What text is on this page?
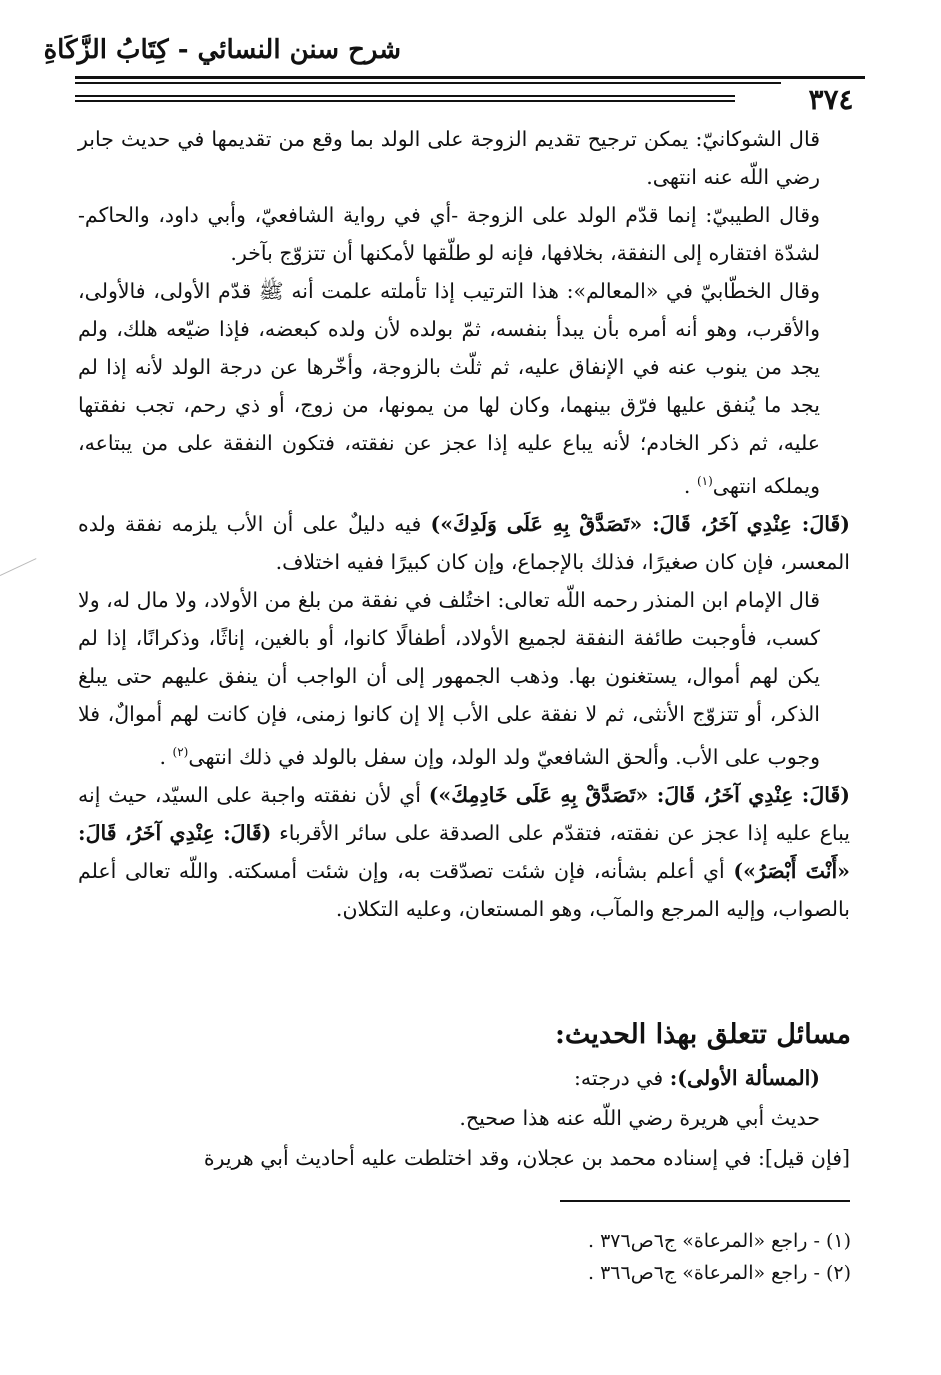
شرح سنن النسائي - كِتَابُ الزَّكَاةِ
٣٧٤

قال الشوكانيّ: يمكن ترجيح تقديم الزوجة على الولد بما وقع من تقديمها في حديث جابر رضي اللّه عنه انتهى.

وقال الطيبيّ: إنما قدّم الولد على الزوجة -أي في رواية الشافعيّ، وأبي داود، والحاكم- لشدّة افتقاره إلى النفقة، بخلافها، فإنه لو طلّقها لأمكنها أن تتزوّج بآخر.

وقال الخطّابيّ في «المعالم»: هذا الترتيب إذا تأملته علمت أنه ﷺ قدّم الأولى، فالأولى، والأقرب، وهو أنه أمره بأن يبدأ بنفسه، ثمّ بولده لأن ولده كبعضه، فإذا ضيّعه هلك، ولم يجد من ينوب عنه في الإنفاق عليه، ثم ثلّث بالزوجة، وأخّرها عن درجة الولد لأنه إذا لم يجد ما يُنفق عليها فرّق بينهما، وكان لها من يمونها، من زوج، أو ذي رحم، تجب نفقتها عليه، ثم ذكر الخادم؛ لأنه يباع عليه إذا عجز عن نفقته، فتكون النفقة على من يبتاعه، ويملكه انتهى$^{(١)}$ .

(قَالَ: عِنْدِي آخَرُ، قَالَ: «تَصَدَّقْ بِهِ عَلَى وَلَدِكَ») فيه دليلٌ على أن الأب يلزمه نفقة ولده المعسر، فإن كان صغيرًا، فذلك بالإجماع، وإن كان كبيرًا ففيه اختلاف.

قال الإمام ابن المنذر رحمه اللّه تعالى: اختُلف في نفقة من بلغ من الأولاد، ولا مال له، ولا كسب، فأوجبت طائفة النفقة لجميع الأولاد، أطفالًا كانوا، أو بالغين، إناثًا، وذكرانًا، إذا لم يكن لهم أموال، يستغنون بها. وذهب الجمهور إلى أن الواجب أن ينفق عليهم حتى يبلغ الذكر، أو تتزوّج الأنثى، ثم لا نفقة على الأب إلا إن كانوا زمنى، فإن كانت لهم أموالٌ، فلا وجوب على الأب. وألحق الشافعيّ ولد الولد، وإن سفل بالولد في ذلك انتهى$^{(٢)}$ .

(قَالَ: عِنْدِي آخَرُ، قَالَ: «تَصَدَّقْ بِهِ عَلَى خَادِمِكَ») أي لأن نفقته واجبة على السيّد، حيث إنه يباع عليه إذا عجز عن نفقته، فتقدّم على الصدقة على سائر الأقرباء (قَالَ: عِنْدِي آخَرُ، قَالَ: «أَنْتَ أَبْصَرُ») أي أعلم بشأنه، فإن شئت تصدّقت به، وإن شئت أمسكته. واللّه تعالى أعلم بالصواب، وإليه المرجع والمآب، وهو المستعان، وعليه التكلان.

مسائل تتعلق بهذا الحديث:

(المسألة الأولى): في درجته:

حديث أبي هريرة رضي اللّه عنه هذا صحيح.

[فإن قيل]: في إسناده محمد بن عجلان، وقد اختلطت عليه أحاديث أبي هريرة

(١) - راجع «المرعاة» ج٦ص٣٧٦ .

(٢) - راجع «المرعاة» ج٦ص٣٦٦ .
